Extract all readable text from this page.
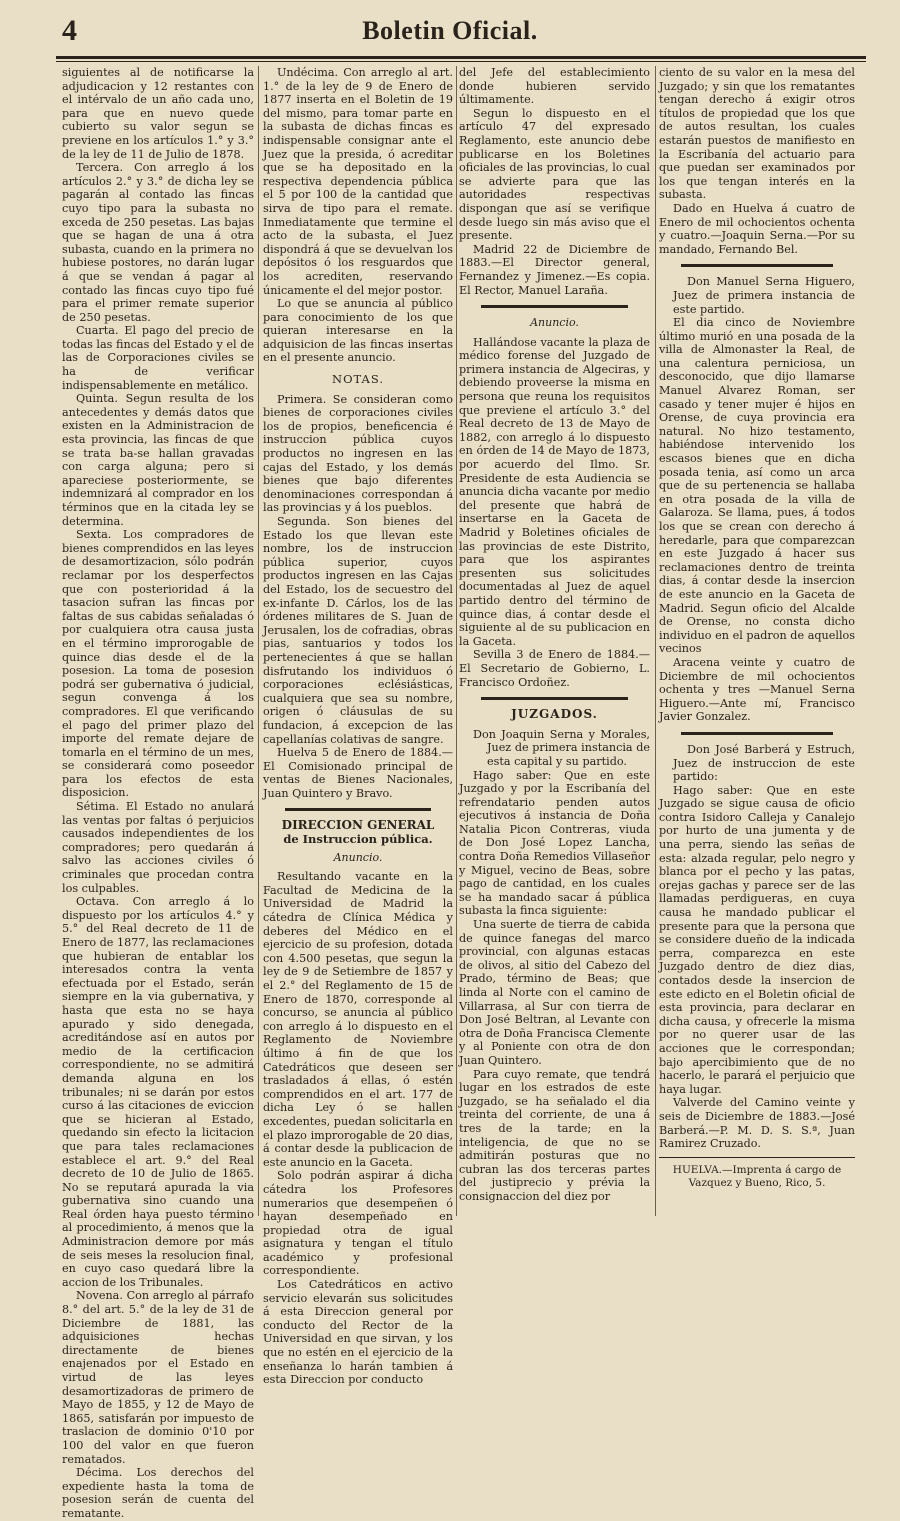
4	Boletin Oficial.

siguientes al de notificarse la adjudicacion y 12 restantes con el intérvalo de un año cada uno, para que en nuevo quede cubierto su valor segun se previene en los artículos 1.° y 3.° de la ley de 11 de Julio de 1878.

Tercera. Con arreglo á los artículos 2.° y 3.° de dicha ley se pagarán al contado las fincas cuyo tipo para la subasta no exceda de 250 pesetas. Las bajas que se hagan de una á otra subasta, cuando en la primera no hubiese postores, no darán lugar á que se vendan á pagar al contado las fincas cuyo tipo fué para el primer remate superior de 250 pesetas.

Cuarta. El pago del precio de todas las fincas del Estado y el de las de Corporaciones civiles se ha de verificar indispensablemente en metálico.

Quinta. Segun resulta de los antecedentes y demás datos que existen en la Administracion de esta provincia, las fincas de que se trata ba-se hallan gravadas con carga alguna; pero si apareciese posteriormente, se indemnizará al comprador en los términos que en la citada ley se determina.

Sexta. Los compradores de bienes comprendidos en las leyes de desamortizacion, sólo podrán reclamar por los desperfectos que con posterioridad á la tasacion sufran las fincas por faltas de sus cabidas señaladas ó por cualquiera otra causa justa en el término improrogable de quince dias desde el de la posesion. La toma de posesion podrá ser gubernativa ó judicial, segun convenga á los compradores. El que verificando el pago del primer plazo del importe del remate dejare de tomarla en el término de un mes, se considerará como poseedor para los efectos de esta disposicion.

Sétima. El Estado no anulará las ventas por faltas ó perjuicios causados independientes de los compradores; pero quedarán á salvo las acciones civiles ó criminales que procedan contra los culpables.

Octava. Con arreglo á lo dispuesto por los artículos 4.° y 5.° del Real decreto de 11 de Enero de 1877, las reclamaciones que hubieran de entablar los interesados contra la venta efectuada por el Estado, serán siempre en la via gubernativa, y hasta que esta no se haya apurado y sido denegada, acreditándose así en autos por medio de la certificacion correspondiente, no se admitirá demanda alguna en los tribunales; ni se darán por estos curso á las citaciones de eviccion que se hicieran al Estado, quedando sin efecto la licitacion que para tales reclamaciones establece el art. 9.° del Real decreto de 10 de Julio de 1865. No se reputará apurada la via gubernativa sino cuando una Real órden haya puesto término al procedimiento, á menos que la Administracion demore por más de seis meses la resolucion final, en cuyo caso quedará libre la accion de los Tribunales.

Novena. Con arreglo al párrafo 8.° del art. 5.° de la ley de 31 de Diciembre de 1881, las adquisiciones hechas directamente de bienes enajenados por el Estado en virtud de las leyes desamortizadoras de primero de Mayo de 1855, y 12 de Mayo de 1865, satisfarán por impuesto de traslacion de dominio 0'10 por 100 del valor en que fueron rematados.

Décima. Los derechos del expediente hasta la toma de posesion serán de cuenta del rematante.

Undécima. Con arreglo al art. 1.° de la ley de 9 de Enero de 1877 inserta en el Boletin de 19 del mismo, para tomar parte en la subasta de dichas fincas es indispensable consignar ante el Juez que la presida, ó acreditar que se ha depositado en la respectiva dependencia pública el 5 por 100 de la cantidad que sirva de tipo para el remate. Inmediatamente que termine el acto de la subasta, el Juez dispondrá á que se devuelvan los depósitos ó los resguardos que los acrediten, reservando únicamente el del mejor postor.

Lo que se anuncia al público para conocimiento de los que quieran interesarse en la adquisicion de las fincas insertas en el presente anuncio.

NOTAS.

Primera. Se consideran como bienes de corporaciones civiles los de propios, beneficencia é instruccion pública cuyos productos no ingresen en las cajas del Estado, y los demás bienes que bajo diferentes denominaciones correspondan á las provincias y á los pueblos.

Segunda. Son bienes del Estado los que llevan este nombre, los de instruccion pública superior, cuyos productos ingresen en las Cajas del Estado, los de secuestro del ex-infante D. Cárlos, los de las órdenes militares de S. Juan de Jerusalen, los de cofradias, obras pias, santuarios y todos los pertenecientes á que se hallan disfrutando los individuos ó corporaciones eclésiásticas, cualquiera que sea su nombre, origen ó cláusulas de su fundacion, á excepcion de las capellanías colativas de sangre.

Huelva 5 de Enero de 1884.—El Comisionado principal de ventas de Bienes Nacionales, Juan Quintero y Bravo.

DIRECCION GENERAL
de Instruccion pública.
Anuncio.

Resultando vacante en la Facultad de Medicina de la Universidad de Madrid la cátedra de Clínica Médica y deberes del Médico en el ejercicio de su profesion, dotada con 4.500 pesetas, que segun la ley de 9 de Setiembre de 1857 y el 2.° del Reglamento de 15 de Enero de 1870, corresponde al concurso, se anuncia al público con arreglo á lo dispuesto en el Reglamento de Noviembre último á fin de que los Catedráticos que deseen ser trasladados á ellas, ó estén comprendidos en el art. 177 de dicha Ley ó se hallen excedentes, puedan solicitarla en el plazo improrogable de 20 dias, á contar desde la publicacion de este anuncio en la Gaceta.

Solo podrán aspirar á dicha cátedra los Profesores numerarios que desempeñen ó hayan desempeñado en propiedad otra de igual asignatura y tengan el título académico y profesional correspondiente.

Los Catedráticos en activo servicio elevarán sus solicitudes á esta Direccion general por conducto del Rector de la Universidad en que sirvan, y los que no estén en el ejercicio de la enseñanza lo harán tambien á esta Direccion por conducto

del Jefe del establecimiento donde hubieren servido últimamente.

Segun lo dispuesto en el artículo 47 del expresado Reglamento, este anuncio debe publicarse en los Boletines oficiales de las provincias, lo cual se advierte para que las autoridades respectivas dispongan que así se verifique desde luego sin más aviso que el presente.

Madrid 22 de Diciembre de 1883.—El Director general, Fernandez y Jimenez.—Es copia. El Rector, Manuel Laraña.

Anuncio.

Hallándose vacante la plaza de médico forense del Juzgado de primera instancia de Algeciras, y debiendo proveerse la misma en persona que reuna los requisitos que previene el artículo 3.° del Real decreto de 13 de Mayo de 1882, con arreglo á lo dispuesto en órden de 14 de Mayo de 1873, por acuerdo del Ilmo. Sr. Presidente de esta Audiencia se anuncia dicha vacante por medio del presente que habrá de insertarse en la Gaceta de Madrid y Boletines oficiales de las provincias de este Distrito, para que los aspirantes presenten sus solicitudes documentadas al Juez de aquel partido dentro del término de quince dias, á contar desde el siguiente al de su publicacion en la Gaceta.

Sevilla 3 de Enero de 1884.—El Secretario de Gobierno, L. Francisco Ordoñez.

JUZGADOS.

Don Joaquin Serna y Morales, Juez de primera instancia de esta capital y su partido.

Hago saber: Que en este Juzgado y por la Escribanía del refrendatario penden autos ejecutivos á instancia de Doña Natalia Picon Contreras, viuda de Don José Lopez Lancha, contra Doña Remedios Villaseñor y Miguel, vecino de Beas, sobre pago de cantidad, en los cuales se ha mandado sacar á pública subasta la finca siguiente:

Una suerte de tierra de cabida de quince fanegas del marco provincial, con algunas estacas de olivos, al sitio del Cabezo del Prado, término de Beas; que linda al Norte con el camino de Villarrasa, al Sur con tierra de Don José Beltran, al Levante con otra de Doña Francisca Clemente y al Poniente con otra de don Juan Quintero.

Para cuyo remate, que tendrá lugar en los estrados de este Juzgado, se ha señalado el dia treinta del corriente, de una á tres de la tarde; en la inteligencia, de que no se admitirán posturas que no cubran las dos terceras partes del justiprecio y prévia la consignaccion del diez por

ciento de su valor en la mesa del Juzgado; y sin que los rematantes tengan derecho á exigir otros títulos de propiedad que los que de autos resultan, los cuales estarán puestos de manifiesto en la Escribanía del actuario para que puedan ser examinados por los que tengan interés en la subasta.

Dado en Huelva á cuatro de Enero de mil ochocientos ochenta y cuatro.—Joaquin Serna.—Por su mandado, Fernando Bel.

Don Manuel Serna Higuero, Juez de primera instancia de este partido.

El dia cinco de Noviembre último murió en una posada de la villa de Almonaster la Real, de una calentura perniciosa, un desconocido, que dijo llamarse Manuel Alvarez Roman, ser casado y tener mujer é hijos en Orense, de cuya provincia era natural. No hizo testamento, habiéndose intervenido los escasos bienes que en dicha posada tenia, así como un arca que de su pertenencia se hallaba en otra posada de la villa de Galaroza. Se llama, pues, á todos los que se crean con derecho á heredarle, para que comparezcan en este Juzgado á hacer sus reclamaciones dentro de treinta dias, á contar desde la insercion de este anuncio en la Gaceta de Madrid. Segun oficio del Alcalde de Orense, no consta dicho individuo en el padron de aquellos vecinos

Aracena veinte y cuatro de Diciembre de mil ochocientos ochenta y tres —Manuel Serna Higuero.—Ante mí, Francisco Javier Gonzalez.

Don José Barberá y Estruch, Juez de instruccion de este partido:

Hago saber: Que en este Juzgado se sigue causa de oficio contra Isidoro Calleja y Canalejo por hurto de una jumenta y de una perra, siendo las señas de esta: alzada regular, pelo negro y blanca por el pecho y las patas, orejas gachas y parece ser de las llamadas perdigueras, en cuya causa he mandado publicar el presente para que la persona que se considere dueño de la indicada perra, comparezca en este Juzgado dentro de diez dias, contados desde la insercion de este edicto en el Boletin oficial de esta provincia, para declarar en dicha causa, y ofrecerle la misma por no querer usar de las acciones que le correspondan; bajo apercibimiento que de no hacerlo, le parará el perjuicio que haya lugar.

Valverde del Camino veinte y seis de Diciembre de 1883.—José Barberá.—P. M. D. S. S.ª, Juan Ramirez Cruzado.

HUELVA.—Imprenta á cargo de
Vazquez y Bueno, Rico, 5.
